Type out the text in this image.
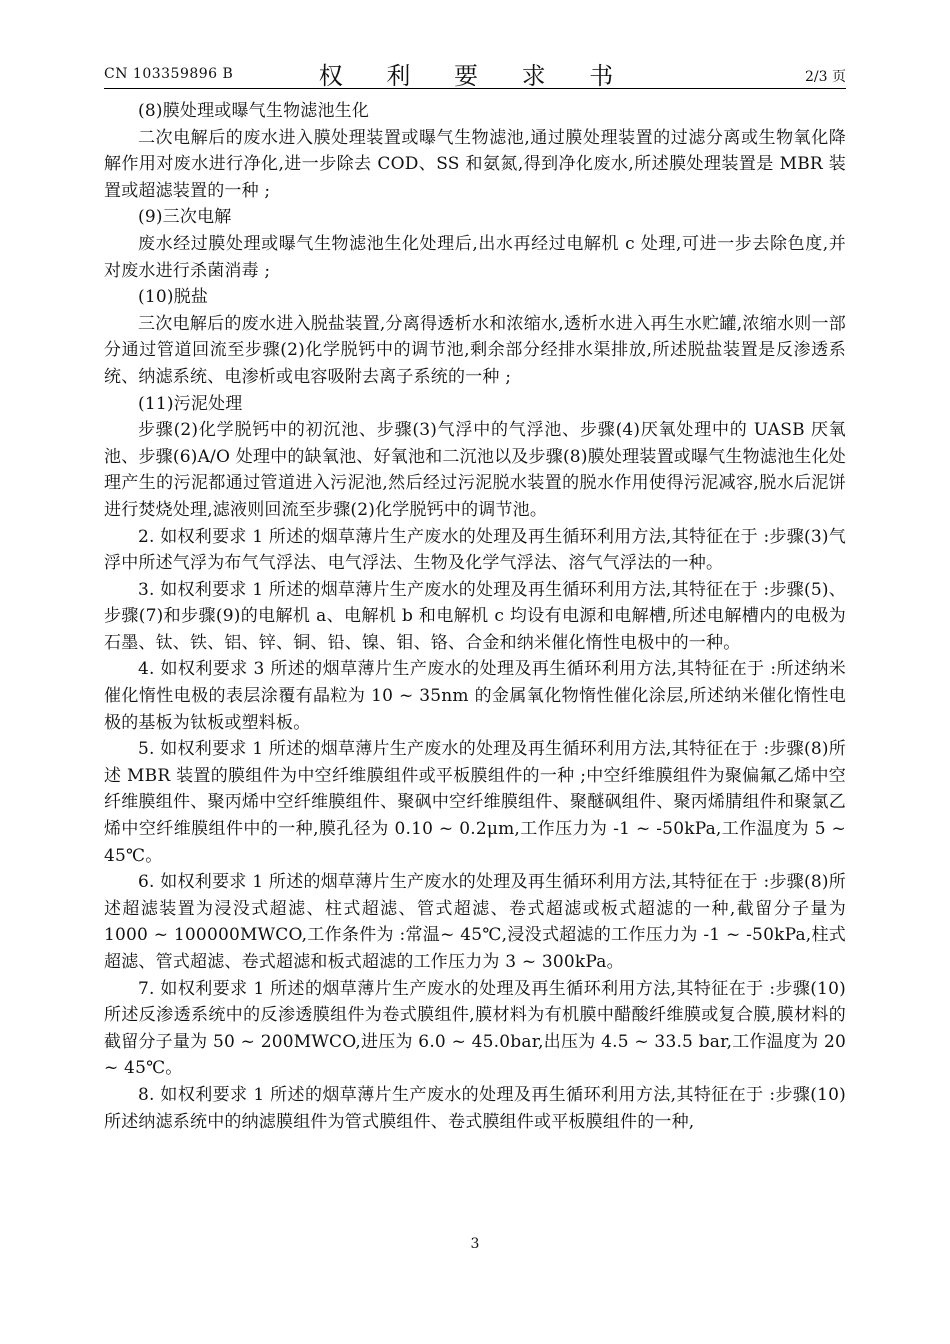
CN 103359896 B	权 利 要 求 书	2/3 页

(8)膜处理或曝气生物滤池生化

二次电解后的废水进入膜处理装置或曝气生物滤池,通过膜处理装置的过滤分离或生物氧化降解作用对废水进行净化,进一步除去 COD、SS 和氨氮,得到净化废水,所述膜处理装置是 MBR 装置或超滤装置的一种 ;

(9)三次电解

废水经过膜处理或曝气生物滤池生化处理后,出水再经过电解机 c 处理,可进一步去除色度,并对废水进行杀菌消毒 ;

(10)脱盐

三次电解后的废水进入脱盐装置,分离得透析水和浓缩水,透析水进入再生水贮罐,浓缩水则一部分通过管道回流至步骤(2)化学脱钙中的调节池,剩余部分经排水渠排放,所述脱盐装置是反渗透系统、纳滤系统、电渗析或电容吸附去离子系统的一种 ;

(11)污泥处理

步骤(2)化学脱钙中的初沉池、步骤(3)气浮中的气浮池、步骤(4)厌氧处理中的 UASB 厌氧池、步骤(6)A/O 处理中的缺氧池、好氧池和二沉池以及步骤(8)膜处理装置或曝气生物滤池生化处理产生的污泥都通过管道进入污泥池,然后经过污泥脱水装置的脱水作用使得污泥减容,脱水后泥饼进行焚烧处理,滤液则回流至步骤(2)化学脱钙中的调节池。

2. 如权利要求 1 所述的烟草薄片生产废水的处理及再生循环利用方法,其特征在于 :步骤(3)气浮中所述气浮为布气气浮法、电气浮法、生物及化学气浮法、溶气气浮法的一种。

3. 如权利要求 1 所述的烟草薄片生产废水的处理及再生循环利用方法,其特征在于 :步骤(5)、步骤(7)和步骤(9)的电解机 a、电解机 b 和电解机 c 均设有电源和电解槽,所述电解槽内的电极为石墨、钛、铁、铝、锌、铜、铅、镍、钼、铬、合金和纳米催化惰性电极中的一种。

4. 如权利要求 3 所述的烟草薄片生产废水的处理及再生循环利用方法,其特征在于 :所述纳米催化惰性电极的表层涂覆有晶粒为 10 ~ 35nm 的金属氧化物惰性催化涂层,所述纳米催化惰性电极的基板为钛板或塑料板。

5. 如权利要求 1 所述的烟草薄片生产废水的处理及再生循环利用方法,其特征在于 :步骤(8)所述 MBR 装置的膜组件为中空纤维膜组件或平板膜组件的一种 ;中空纤维膜组件为聚偏氟乙烯中空纤维膜组件、聚丙烯中空纤维膜组件、聚砜中空纤维膜组件、聚醚砜组件、聚丙烯腈组件和聚氯乙烯中空纤维膜组件中的一种,膜孔径为 0.10 ~ 0.2μm,工作压力为 -1 ~ -50kPa,工作温度为 5 ~ 45℃。

6. 如权利要求 1 所述的烟草薄片生产废水的处理及再生循环利用方法,其特征在于 :步骤(8)所述超滤装置为浸没式超滤、柱式超滤、管式超滤、卷式超滤或板式超滤的一种,截留分子量为 1000 ~ 100000MWCO,工作条件为 :常温~ 45℃,浸没式超滤的工作压力为 -1 ~ -50kPa,柱式超滤、管式超滤、卷式超滤和板式超滤的工作压力为 3 ~ 300kPa。

7. 如权利要求 1 所述的烟草薄片生产废水的处理及再生循环利用方法,其特征在于 :步骤(10)所述反渗透系统中的反渗透膜组件为卷式膜组件,膜材料为有机膜中醋酸纤维膜或复合膜,膜材料的截留分子量为 50 ~ 200MWCO,进压为 6.0 ~ 45.0bar,出压为 4.5 ~ 33.5 bar,工作温度为 20 ~ 45℃。

8. 如权利要求 1 所述的烟草薄片生产废水的处理及再生循环利用方法,其特征在于 :步骤(10)所述纳滤系统中的纳滤膜组件为管式膜组件、卷式膜组件或平板膜组件的一种,

3
